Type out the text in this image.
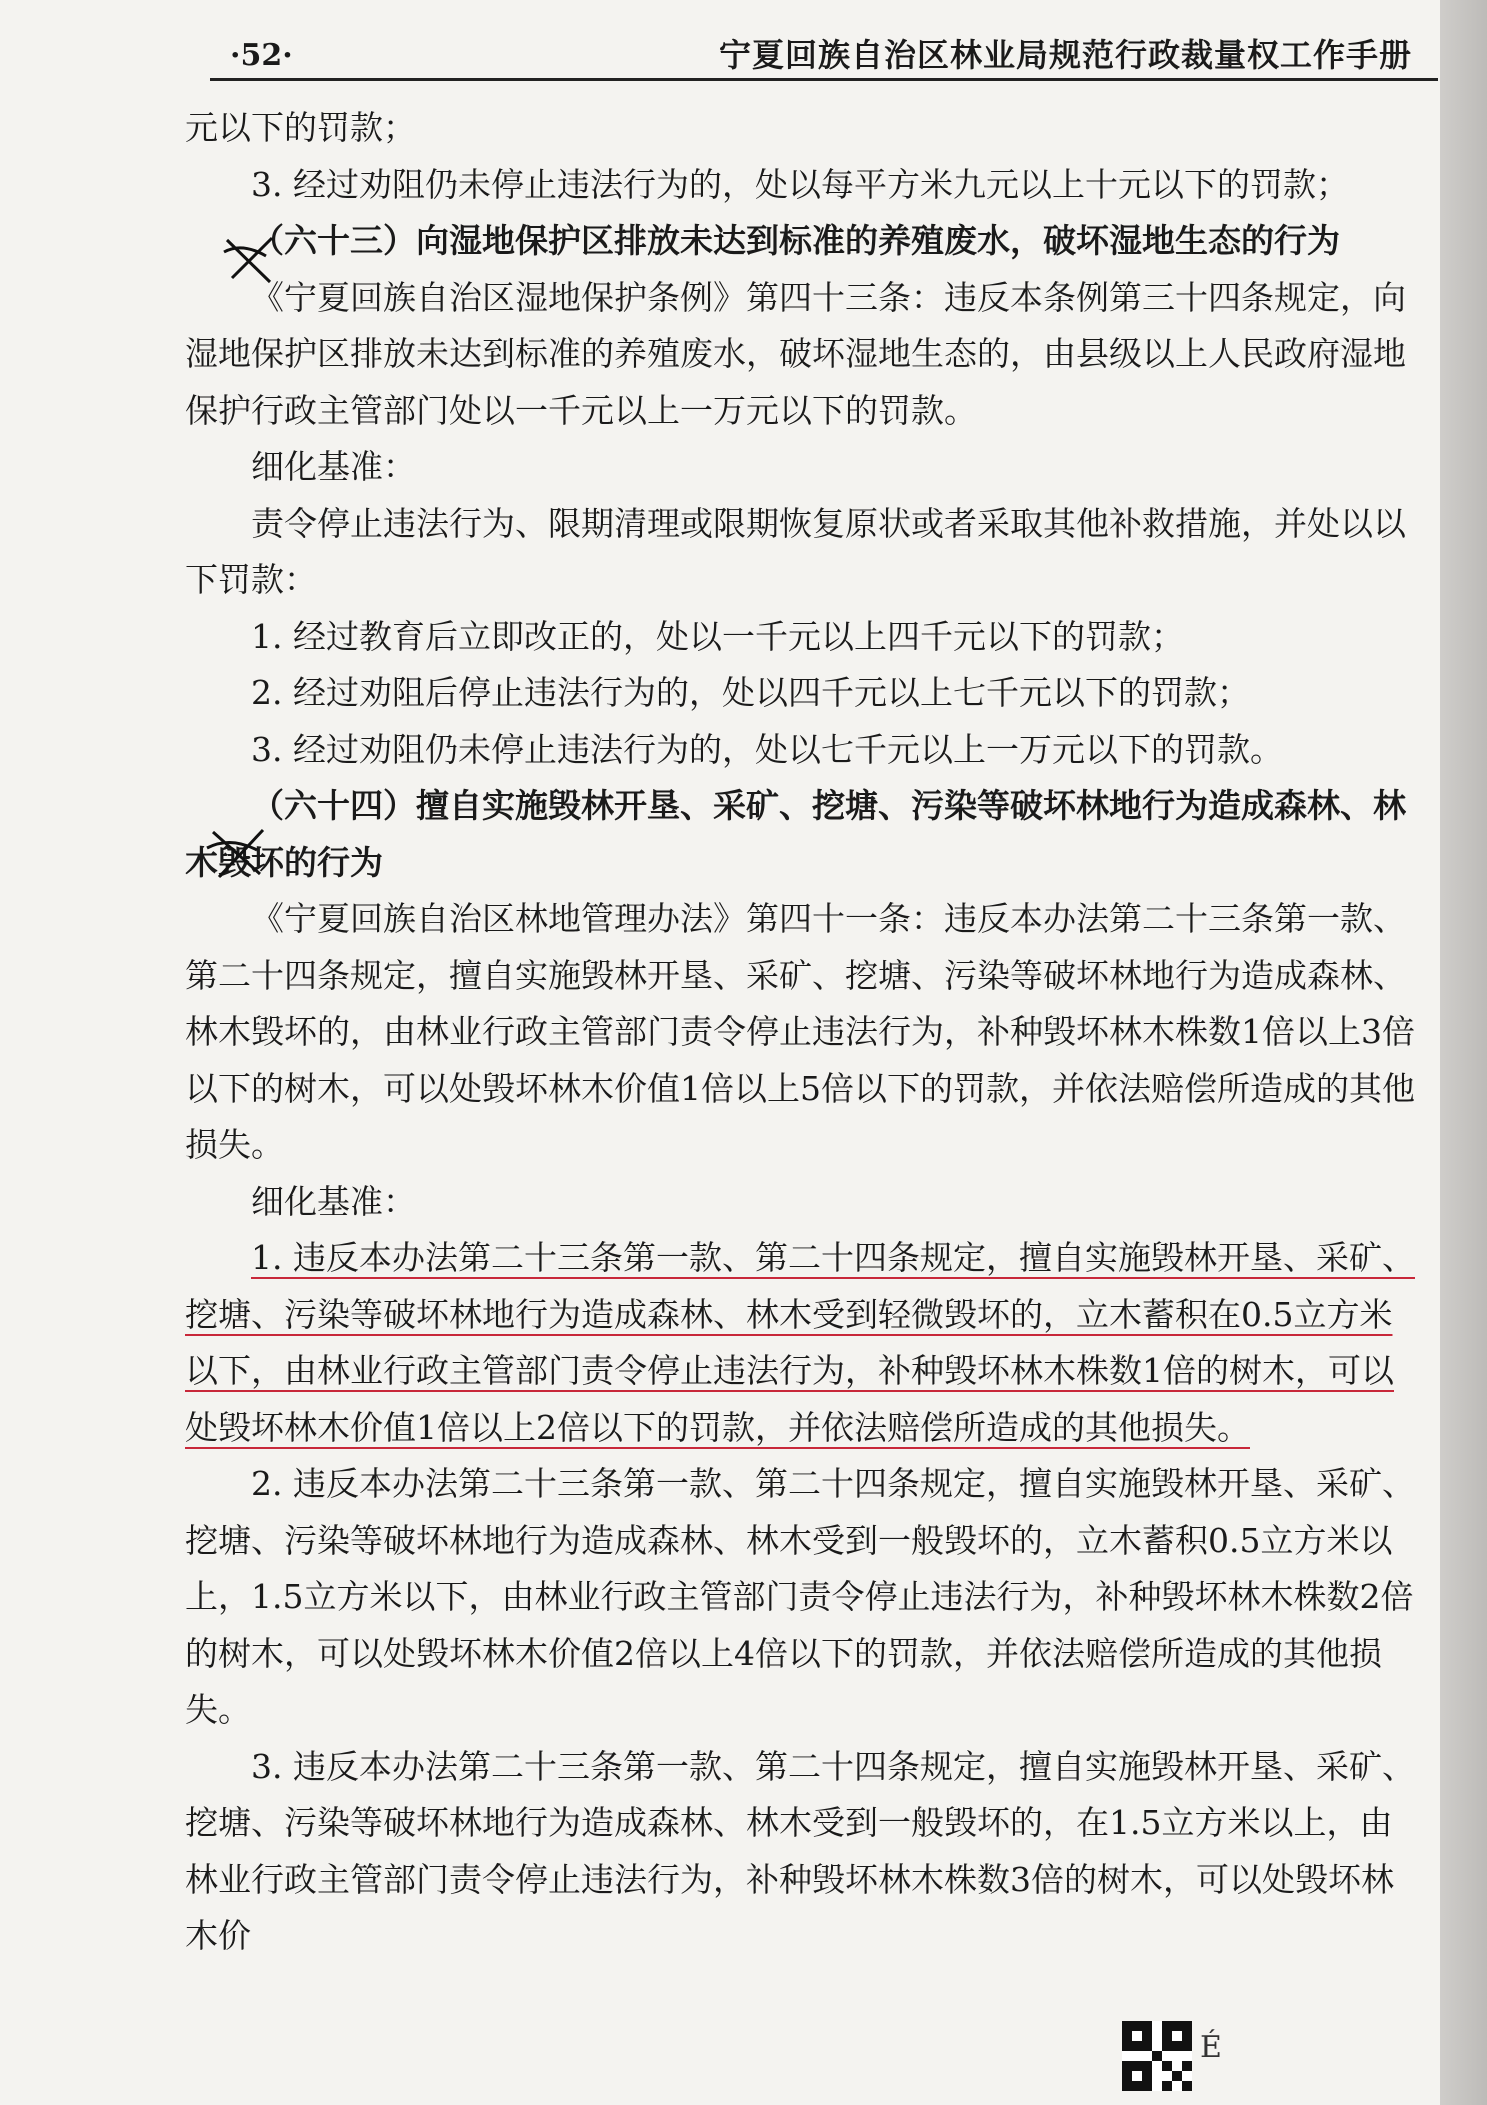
·52·	宁夏回族自治区林业局规范行政裁量权工作手册

元以下的罚款；

3. 经过劝阻仍未停止违法行为的，处以每平方米九元以上十元以下的罚款；

（六十三）向湿地保护区排放未达到标准的养殖废水，破坏湿地生态的行为

《宁夏回族自治区湿地保护条例》第四十三条：违反本条例第三十四条规定，向湿地保护区排放未达到标准的养殖废水，破坏湿地生态的，由县级以上人民政府湿地保护行政主管部门处以一千元以上一万元以下的罚款。

细化基准：

责令停止违法行为、限期清理或限期恢复原状或者采取其他补救措施，并处以以下罚款：

1. 经过教育后立即改正的，处以一千元以上四千元以下的罚款；

2. 经过劝阻后停止违法行为的，处以四千元以上七千元以下的罚款；

3. 经过劝阻仍未停止违法行为的，处以七千元以上一万元以下的罚款。

（六十四）擅自实施毁林开垦、采矿、挖塘、污染等破坏林地行为造成森林、林木毁坏的行为

《宁夏回族自治区林地管理办法》第四十一条：违反本办法第二十三条第一款、第二十四条规定，擅自实施毁林开垦、采矿、挖塘、污染等破坏林地行为造成森林、林木毁坏的，由林业行政主管部门责令停止违法行为，补种毁坏林木株数1倍以上3倍以下的树木，可以处毁坏林木价值1倍以上5倍以下的罚款，并依法赔偿所造成的其他损失。

细化基准：

1. 违反本办法第二十三条第一款、第二十四条规定，擅自实施毁林开垦、采矿、挖塘、污染等破坏林地行为造成森林、林木受到轻微毁坏的，立木蓄积在0.5立方米以下，由林业行政主管部门责令停止违法行为，补种毁坏林木株数1倍的树木，可以处毁坏林木价值1倍以上2倍以下的罚款，并依法赔偿所造成的其他损失。

2. 违反本办法第二十三条第一款、第二十四条规定，擅自实施毁林开垦、采矿、挖塘、污染等破坏林地行为造成森林、林木受到一般毁坏的，立木蓄积0.5立方米以上，1.5立方米以下，由林业行政主管部门责令停止违法行为，补种毁坏林木株数2倍的树木，可以处毁坏林木价值2倍以上4倍以下的罚款，并依法赔偿所造成的其他损失。

3. 违反本办法第二十三条第一款、第二十四条规定，擅自实施毁林开垦、采矿、挖塘、污染等破坏林地行为造成森林、林木受到一般毁坏的，在1.5立方米以上，由林业行政主管部门责令停止违法行为，补种毁坏林木株数3倍的树木，可以处毁坏林木价

É
